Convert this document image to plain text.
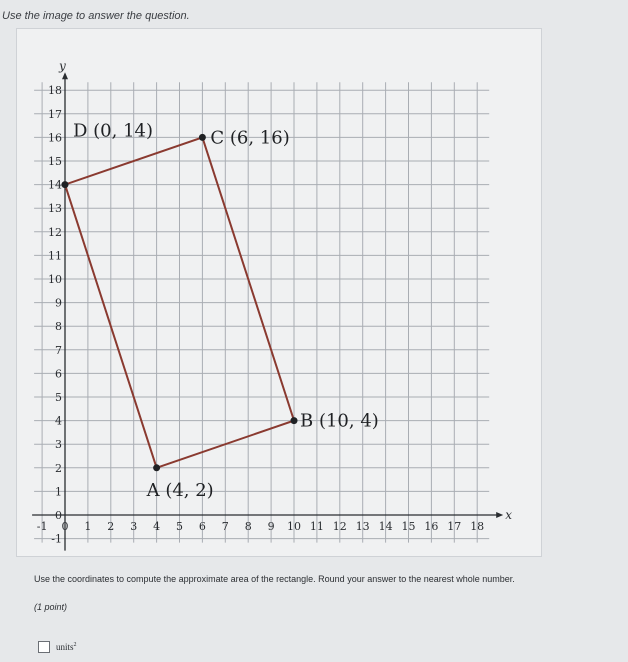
Use the image to answer the question.
x
y
-1 0 1 2 3 4 5 6 7 8 9 10 11 12 13 14 15 16 17 18
-1
0
1
2
3
4
5
6
7
8
9
10
11
12
13
14
15
16
17
18
A (4, 2)
B (10, 4)
C (6, 16)
D (0, 14)
Use the coordinates to compute the approximate area of the rectangle. Round your answer to the nearest whole number.
(1 point)
units$^2$
